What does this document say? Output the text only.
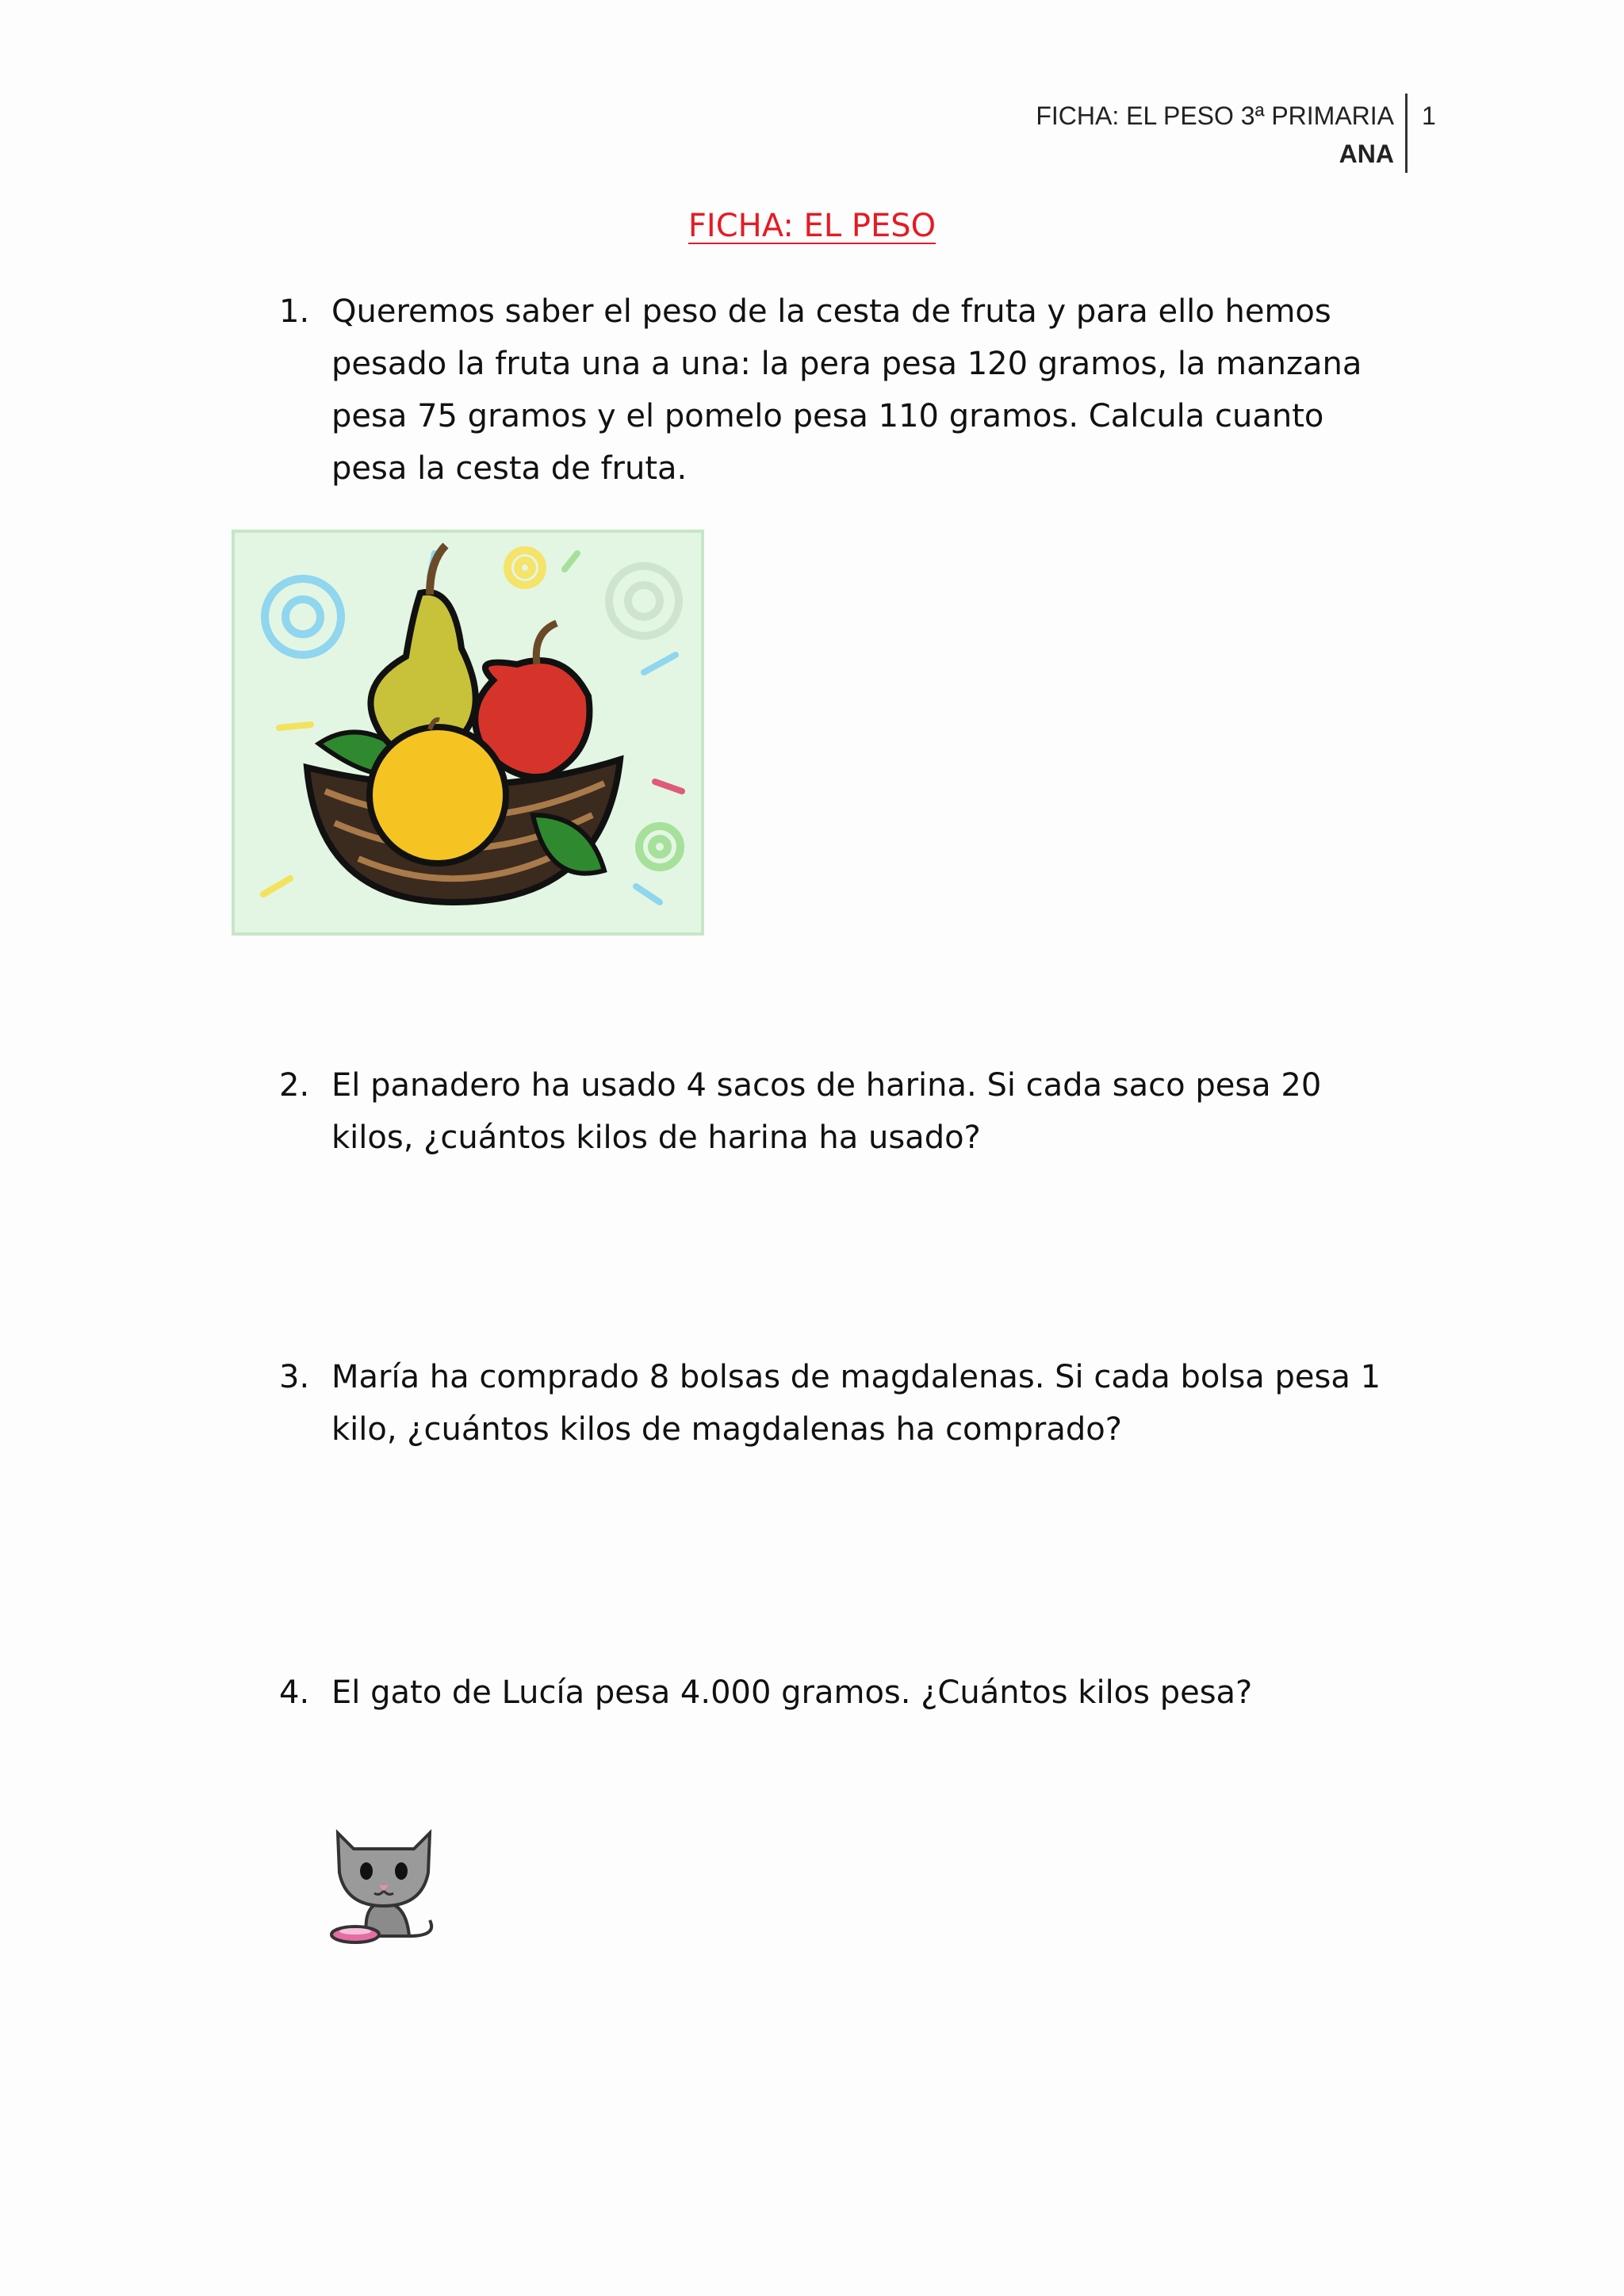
FICHA: EL PESO 3ª PRIMARIA
ANA
1
FICHA: EL PESO
1. Queremos saber el peso de la cesta de fruta y para ello hemos pesado la fruta una a una: la pera pesa 120 gramos, la manzana pesa 75 gramos y el pomelo pesa 110 gramos. Calcula cuanto pesa la cesta de fruta.
2. El panadero ha usado 4 sacos de harina. Si cada saco pesa 20 kilos, ¿cuántos kilos de harina ha usado?
3. María ha comprado 8 bolsas de magdalenas. Si cada bolsa pesa 1 kilo, ¿cuántos kilos de magdalenas ha comprado?
4. El gato de Lucía pesa 4.000 gramos. ¿Cuántos kilos pesa?
